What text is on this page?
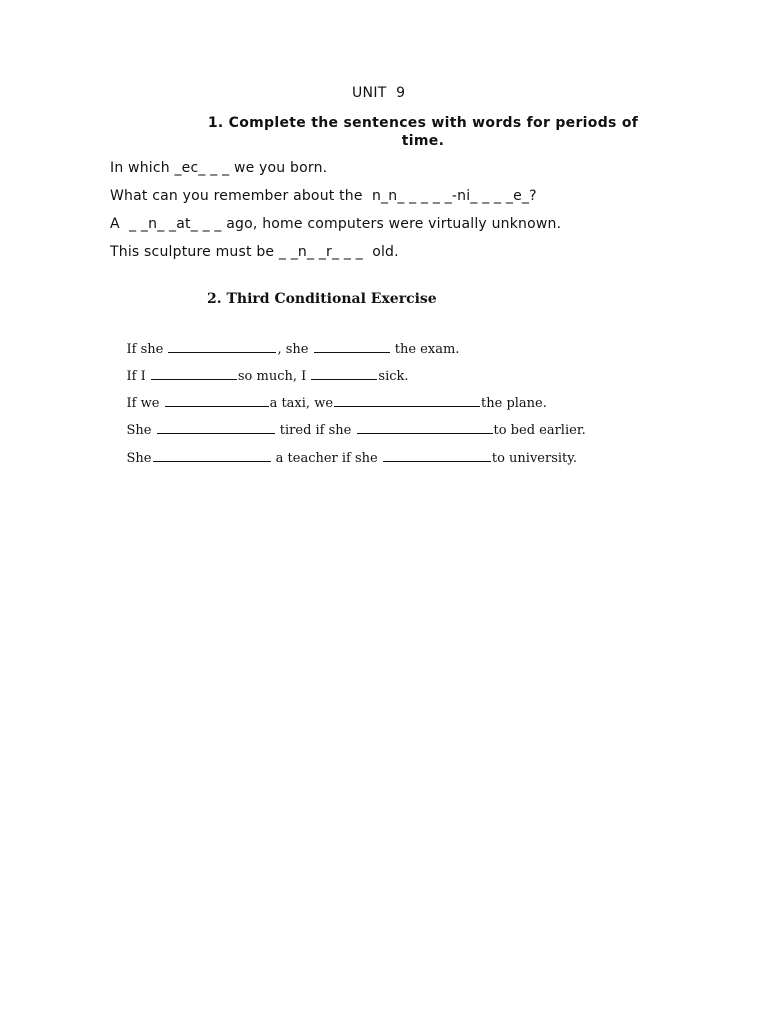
UNIT  9
1. Complete the sentences with words for periods of time.
In which _ec_ _ _ we you born.
What can you remember about the  n_n_ _ _ _ _-ni_ _ _ _e_?
A  _ _n_ _at_ _ _ ago, home computers were virtually unknown.
This sculpture must be _ _n_ _r_ _ _  old.
2. Third Conditional Exercise

If she	, she	the exam.

If I	so much, I	sick.

If we	a taxi, we	the plane.

She	tired if she	to bed earlier.

She	a teacher if she	to university.
